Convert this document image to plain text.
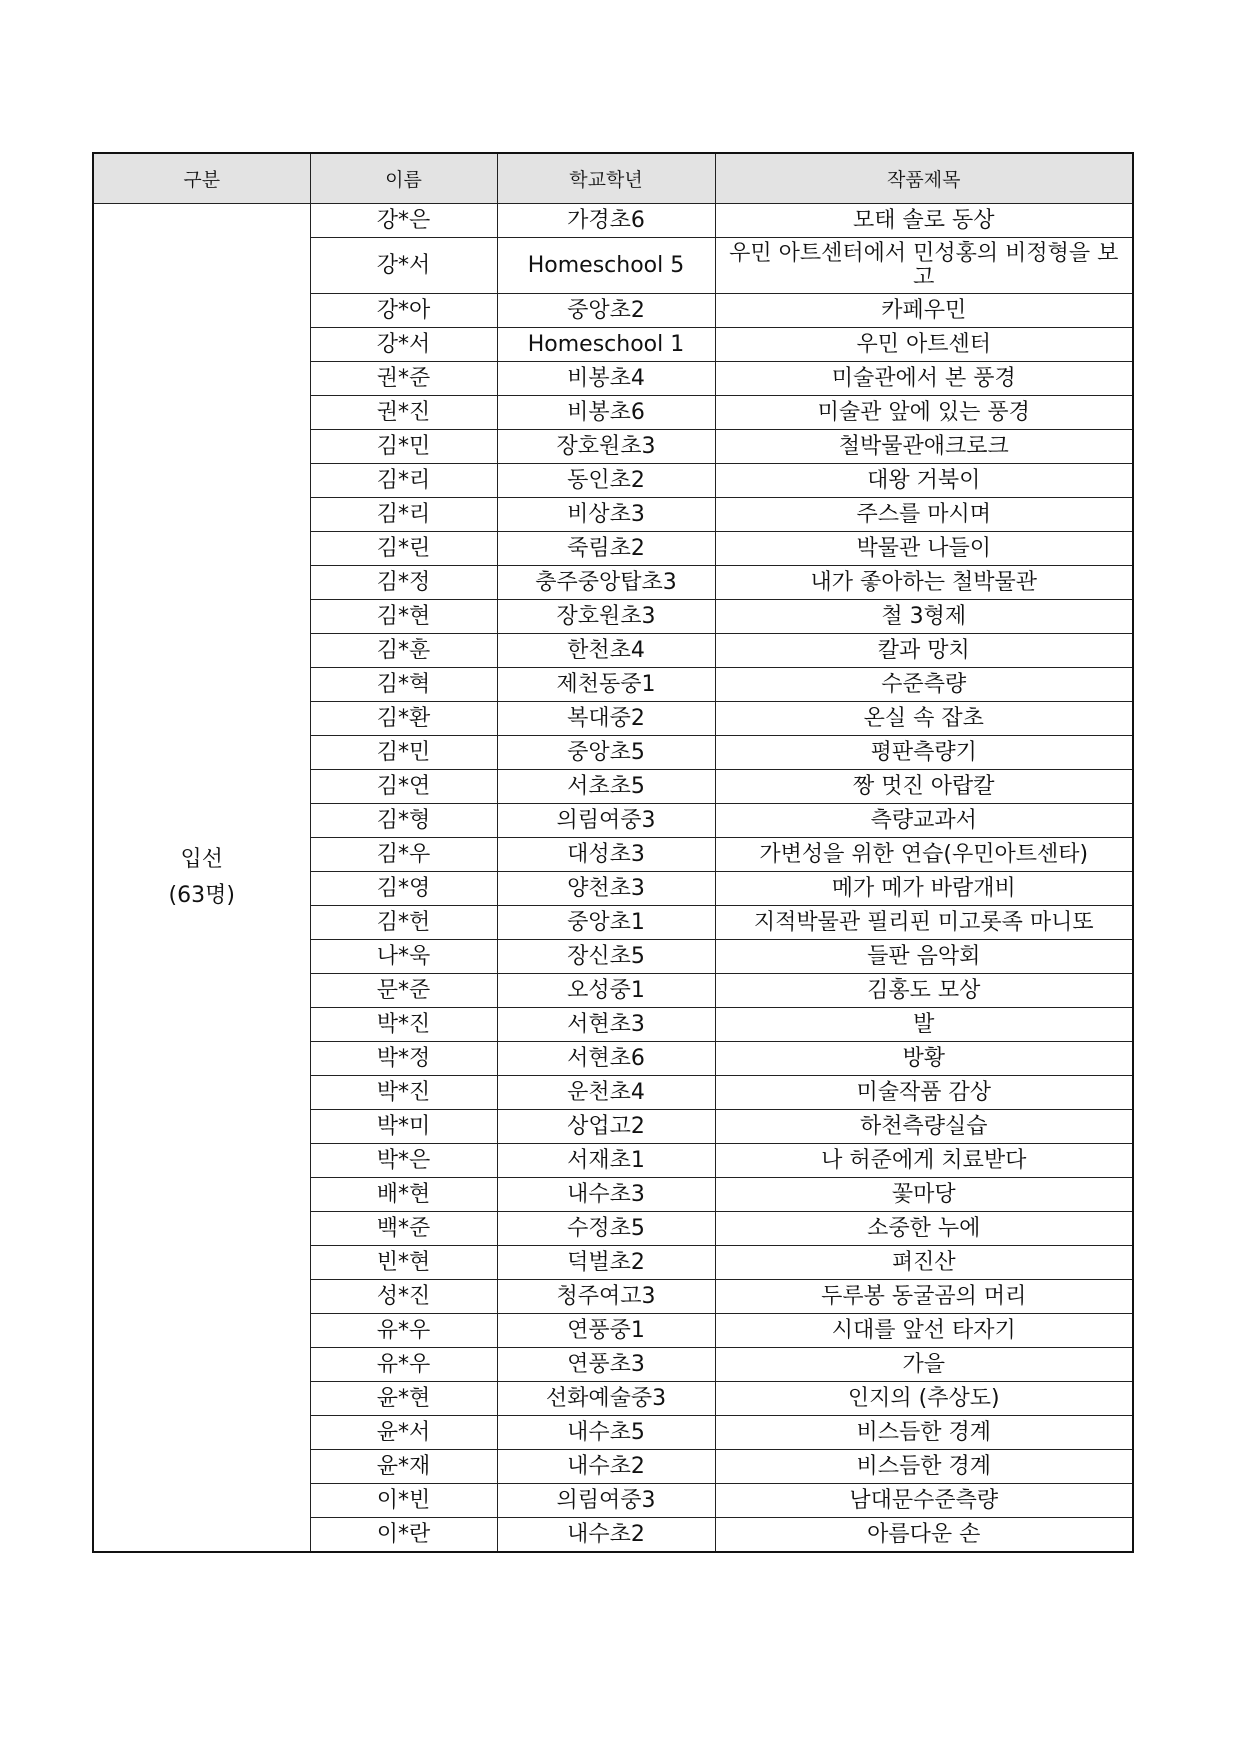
구분	이름	학교학년	작품제목

입선
(63명)	강*은	가경초6	모태 솔로 동상
	강*서	Homeschool 5	우민 아트센터에서 민성홍의 비정형을 보고
	강*아	중앙초2	카페우민
	강*서	Homeschool 1	우민 아트센터
	권*준	비봉초4	미술관에서 본 풍경
	권*진	비봉초6	미술관 앞에 있는 풍경
	김*민	장호원초3	철박물관애크로크
	김*리	동인초2	대왕 거북이
	김*리	비상초3	주스를 마시며
	김*린	죽림초2	박물관 나들이
	김*정	충주중앙탑초3	내가 좋아하는 철박물관
	김*현	장호원초3	철 3형제
	김*훈	한천초4	칼과 망치
	김*혁	제천동중1	수준측량
	김*환	복대중2	온실 속 잡초
	김*민	중앙초5	평판측량기
	김*연	서초초5	짱 멋진 아랍칼
	김*형	의림여중3	측량교과서
	김*우	대성초3	가변성을 위한 연습(우민아트센타)
	김*영	양천초3	메가 메가 바람개비
	김*헌	중앙초1	지적박물관 필리핀 미고롯족 마니또
	나*욱	장신초5	들판 음악회
	문*준	오성중1	김홍도 모상
	박*진	서현초3	발
	박*정	서현초6	방황
	박*진	운천초4	미술작품 감상
	박*미	상업고2	하천측량실습
	박*은	서재초1	나 허준에게 치료받다
	배*현	내수초3	꽃마당
	백*준	수정초5	소중한 누에
	빈*현	덕벌초2	펴진산
	성*진	청주여고3	두루봉 동굴곰의 머리
	유*우	연풍중1	시대를 앞선 타자기
	유*우	연풍초3	가을
	윤*현	선화예술중3	인지의 (추상도)
	윤*서	내수초5	비스듬한 경계
	윤*재	내수초2	비스듬한 경계
	이*빈	의림여중3	남대문수준측량
	이*란	내수초2	아름다운 손
